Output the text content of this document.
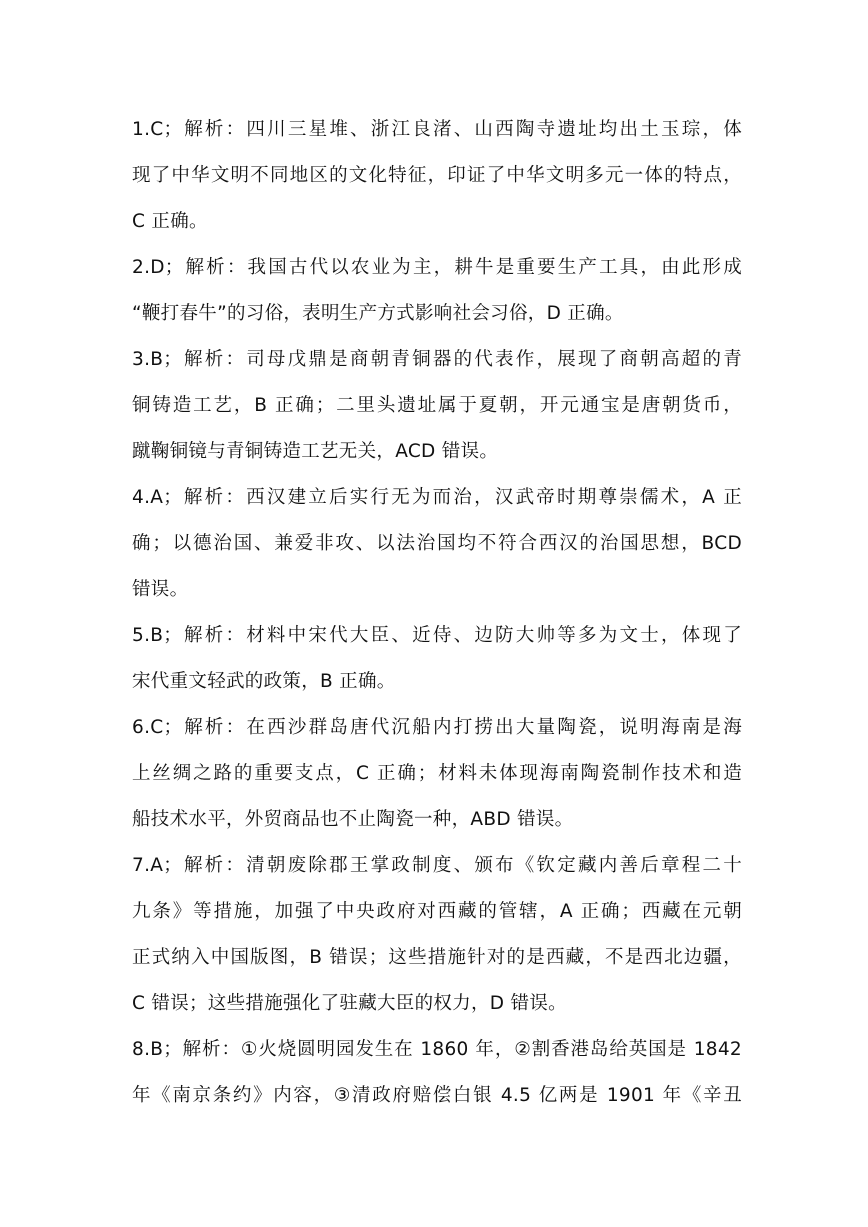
1.C；解析：四川三星堆、浙江良渚、山西陶寺遗址均出土玉琮，体
现了中华文明不同地区的文化特征，印证了中华文明多元一体的特点，
C 正确。
2.D；解析：我国古代以农业为主，耕牛是重要生产工具，由此形成
“鞭打春牛”的习俗，表明生产方式影响社会习俗，D 正确。
3.B；解析：司母戊鼎是商朝青铜器的代表作，展现了商朝高超的青
铜铸造工艺，B 正确；二里头遗址属于夏朝，开元通宝是唐朝货币，
蹴鞠铜镜与青铜铸造工艺无关，ACD 错误。
4.A；解析：西汉建立后实行无为而治，汉武帝时期尊崇儒术，A 正
确；以德治国、兼爱非攻、以法治国均不符合西汉的治国思想，BCD
错误。
5.B；解析：材料中宋代大臣、近侍、边防大帅等多为文士，体现了
宋代重文轻武的政策，B 正确。
6.C；解析：在西沙群岛唐代沉船内打捞出大量陶瓷，说明海南是海
上丝绸之路的重要支点，C 正确；材料未体现海南陶瓷制作技术和造
船技术水平，外贸商品也不止陶瓷一种，ABD 错误。
7.A；解析：清朝废除郡王掌政制度、颁布《钦定藏内善后章程二十
九条》等措施，加强了中央政府对西藏的管辖，A 正确；西藏在元朝
正式纳入中国版图，B 错误；这些措施针对的是西藏，不是西北边疆，
C 错误；这些措施强化了驻藏大臣的权力，D 错误。
8.B；解析：①火烧圆明园发生在 1860 年，②割香港岛给英国是 1842
年《南京条约》内容，③清政府赔偿白银 4.5 亿两是 1901 年《辛丑
